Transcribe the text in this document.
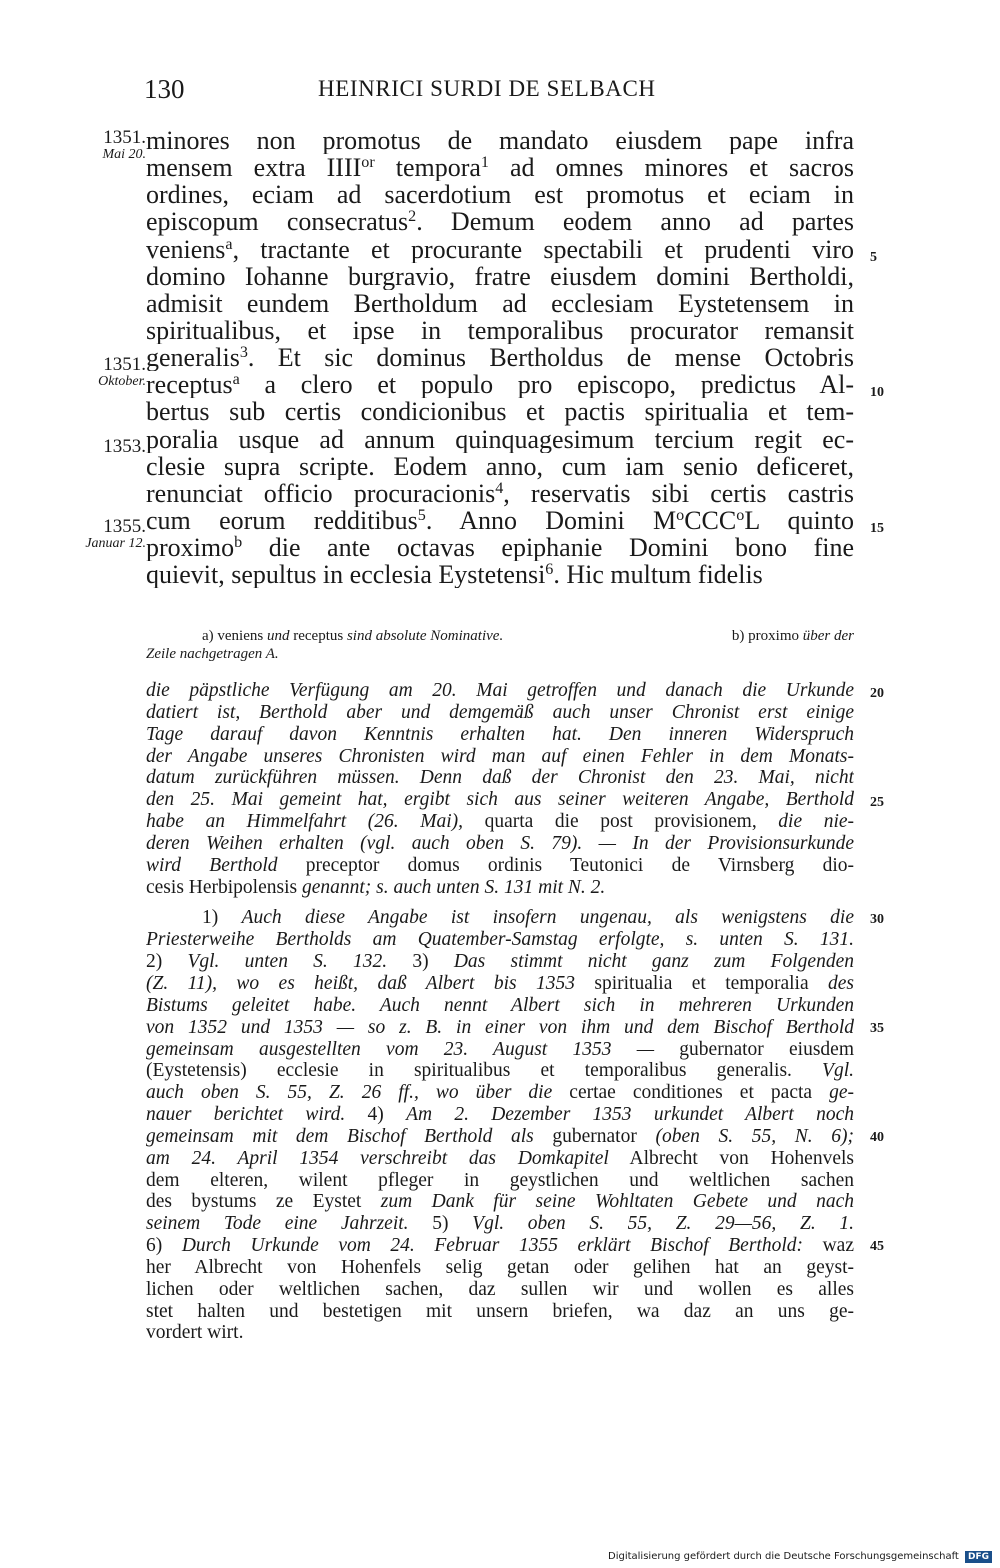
130	HEINRICI SURDI DE SELBACH
minores non promotus de mandato eiusdem pape infra
mensem extra $IIII^{or}$ tempora$^1$ ad omnes minores et sacros
ordines, eciam ad sacerdotium est promotus et eciam in
episcopum consecratus$^2$. Demum eodem anno ad partes
veniens$^a$, tractante et procurante spectabili et prudenti viro
domino Iohanne burgravio, fratre eiusdem domini Bertholdi,
admisit eundem Bertholdum ad ecclesiam Eystetensem in
spiritualibus, et ipse in temporalibus procurator remansit
generalis$^3$. Et sic dominus Bertholdus de mense Octobris
receptus$^a$ a clero et populo pro episcopo, predictus Al-
bertus sub certis condicionibus et pactis spiritualia et tem-
poralia usque ad annum quinquagesimum tercium regit ec-
clesie supra scripte. Eodem anno, cum iam senio deficeret,
renunciat officio procuracionis$^4$, reservatis sibi certis castris
cum eorum redditibus$^5$. Anno Domini $M^oCCC^oL$ quinto
proximo$^b$ die ante octavas epiphanie Domini bono fine
quievit, sepultus in ecclesia Eystetensi$^6$. Hic multum fidelis
1351.
Mai 20.
1351.
Oktober.
1353.
1355.
Januar 12.
5
10
15
a) veniens und receptus sind absolute Nominative.	b) proximo über der
Zeile nachgetragen A.
die päpstliche Verfügung am 20. Mai getroffen und danach die Urkunde
datiert ist, Berthold aber und demgemäß auch unser Chronist erst einige
Tage darauf davon Kenntnis erhalten hat. Den inneren Widerspruch
der Angabe unseres Chronisten wird man auf einen Fehler in dem Monats-
datum zurückführen müssen. Denn daß der Chronist den 23. Mai, nicht
den 25. Mai gemeint hat, ergibt sich aus seiner weiteren Angabe, Berthold
habe an Himmelfahrt (26. Mai), quarta die post provisionem, die nie-
deren Weihen erhalten (vgl. auch oben S. 79). — In der Provisionsurkunde
wird Berthold preceptor domus ordinis Teutonici de Virnsberg dio-
cesis Herbipolensis genannt; s. auch unten S. 131 mit N. 2.
1) Auch diese Angabe ist insofern ungenau, als wenigstens die
Priesterweihe Bertholds am Quatember-Samstag erfolgte, s. unten S. 131.
2) Vgl. unten S. 132. 3) Das stimmt nicht ganz zum Folgenden
(Z. 11), wo es heißt, daß Albert bis 1353 spiritualia et temporalia des
Bistums geleitet habe. Auch nennt Albert sich in mehreren Urkunden
von 1352 und 1353 — so z. B. in einer von ihm und dem Bischof Berthold
gemeinsam ausgestellten vom 23. August 1353 — gubernator eiusdem
(Eystetensis) ecclesie in spiritualibus et temporalibus generalis. Vgl.
auch oben S. 55, Z. 26 ff., wo über die certae conditiones et pacta ge-
nauer berichtet wird. 4) Am 2. Dezember 1353 urkundet Albert noch
gemeinsam mit dem Bischof Berthold als gubernator (oben S. 55, N. 6);
am 24. April 1354 verschreibt das Domkapitel Albrecht von Hohenvels
dem elteren, wilent pfleger in geystlichen und weltlichen sachen
des bystums ze Eystet zum Dank für seine Wohltaten Gebete und nach
seinem Tode eine Jahrzeit. 5) Vgl. oben S. 55, Z. 29—56, Z. 1.
6) Durch Urkunde vom 24. Februar 1355 erklärt Bischof Berthold: waz
her Albrecht von Hohenfels selig getan oder gelihen hat an geyst-
lichen oder weltlichen sachen, daz sullen wir und wollen es alles
stet halten und bestetigen mit unsern briefen, wa daz an uns ge-
vordert wirt.
20
25
30
35
40
45
Digitalisierung gefördert durch die Deutsche Forschungsgemeinschaft DFG
